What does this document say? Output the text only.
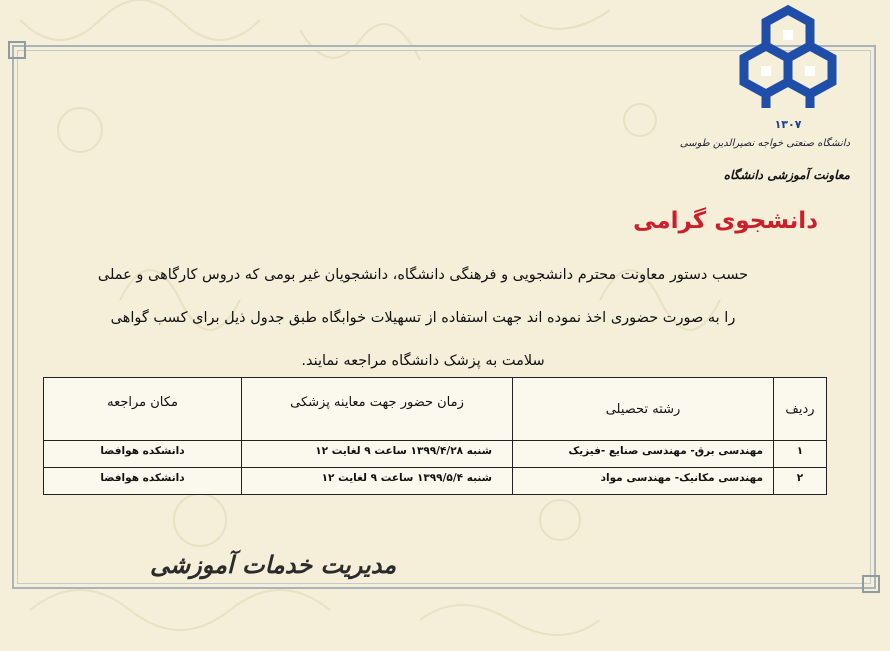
۱۳۰۷
دانشگاه صنعتی خواجه نصیرالدین طوسی
معاونت آموزشی دانشگاه
دانشجوی گرامی
حسب دستور معاونت محترم دانشجویی و فرهنگی دانشگاه، دانشجویان غیر بومی که دروس کارگاهی و عملی
را به صورت حضوری اخذ نموده اند جهت استفاده از تسهیلات خوابگاه طبق جدول ذیل برای کسب گواهی
سلامت به پزشک دانشگاه مراجعه نمایند.
ردیف	رشته تحصیلی	زمان حضور جهت معاینه پزشکی	مکان مراجعه

۱	مهندسی برق- مهندسی صنایع -فیزیک	شنبه ۱۳۹۹/۴/۲۸ ساعت ۹ لغایت ۱۲	دانشکده هوافضا
۲	مهندسی مکانیک- مهندسی مواد	شنبه ۱۳۹۹/۵/۴ ساعت ۹ لغایت ۱۲	دانشکده هوافضا
مدیریت خدمات آموزشی
